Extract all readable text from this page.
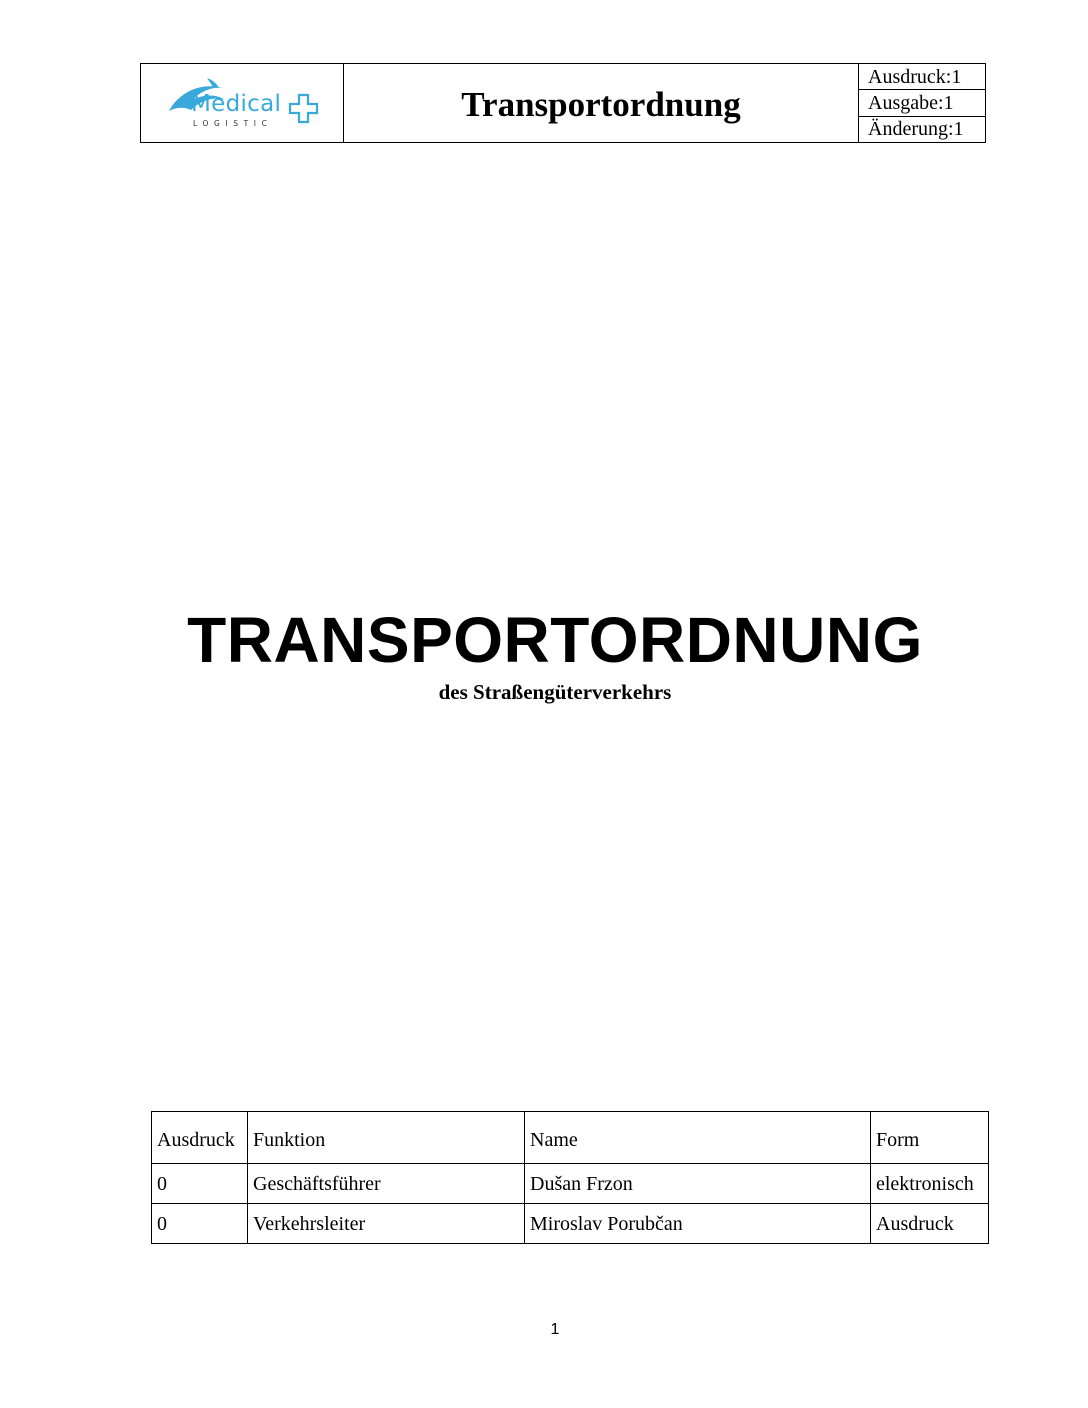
Medical
LOGISTIC	Transportordnung
Ausdruck:1
Ausgabe:1
Änderung:1
TRANSPORTORDNUNG
des Straßengüterverkehrs
Ausdruck	Funktion	Name	Form
0	Geschäftsführer	Dušan Frzon	elektronisch
0	Verkehrsleiter	Miroslav Porubčan	Ausdruck
1
